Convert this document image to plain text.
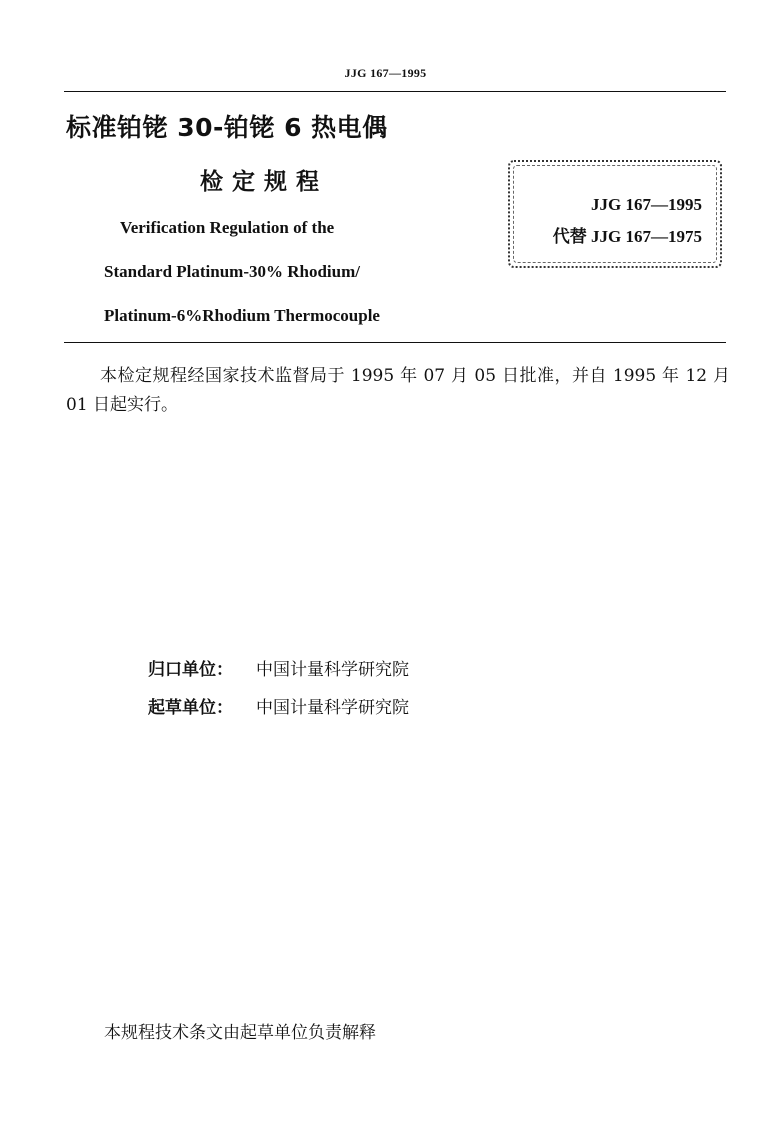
JJG 167—1995
标准铂铑 30-铂铑 6 热电偶
检定规程
Verification Regulation of the
Standard Platinum-30% Rhodium/
Platinum-6%Rhodium Thermocouple
JJG 167—1995
代替 JJG 167—1975
本检定规程经国家技术监督局于 1995 年 07 月 05 日批准，并自 1995 年 12 月 01 日起实行。
归口单位： 中国计量科学研究院
起草单位： 中国计量科学研究院
本规程技术条文由起草单位负责解释
